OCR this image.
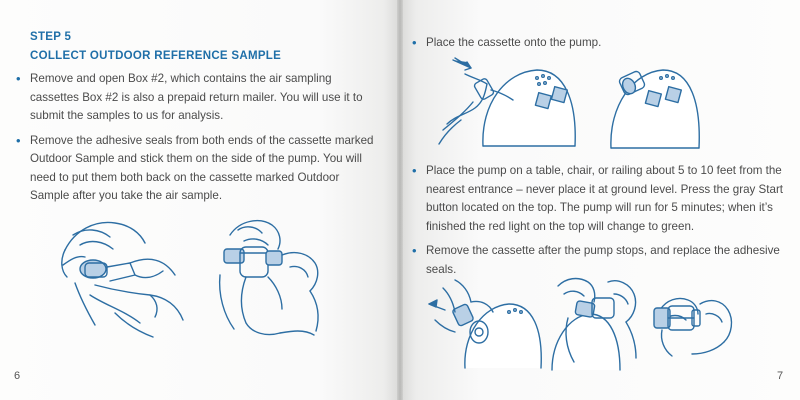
STEP 5

COLLECT OUTDOOR REFERENCE SAMPLE

• Remove and open Box #2, which contains the air sampling cassettes Box #2 is also a prepaid return mailer. You will use it to submit the samples to us for analysis.
• Remove the adhesive seals from both ends of the cassette marked Outdoor Sample and stick them on the side of the pump. You will need to put them both back on the cassette marked Outdoor Sample after you take the air sample.
• Place the cassette onto the pump.
• Place the pump on a table, chair, or railing about 5 to 10 feet from the nearest entrance – never place it at ground level. Press the gray Start button located on the top. The pump will run for 5 minutes; when it’s finished the red light on the top will change to green.
• Remove the cassette after the pump stops, and replace the adhesive seals.
6	7
